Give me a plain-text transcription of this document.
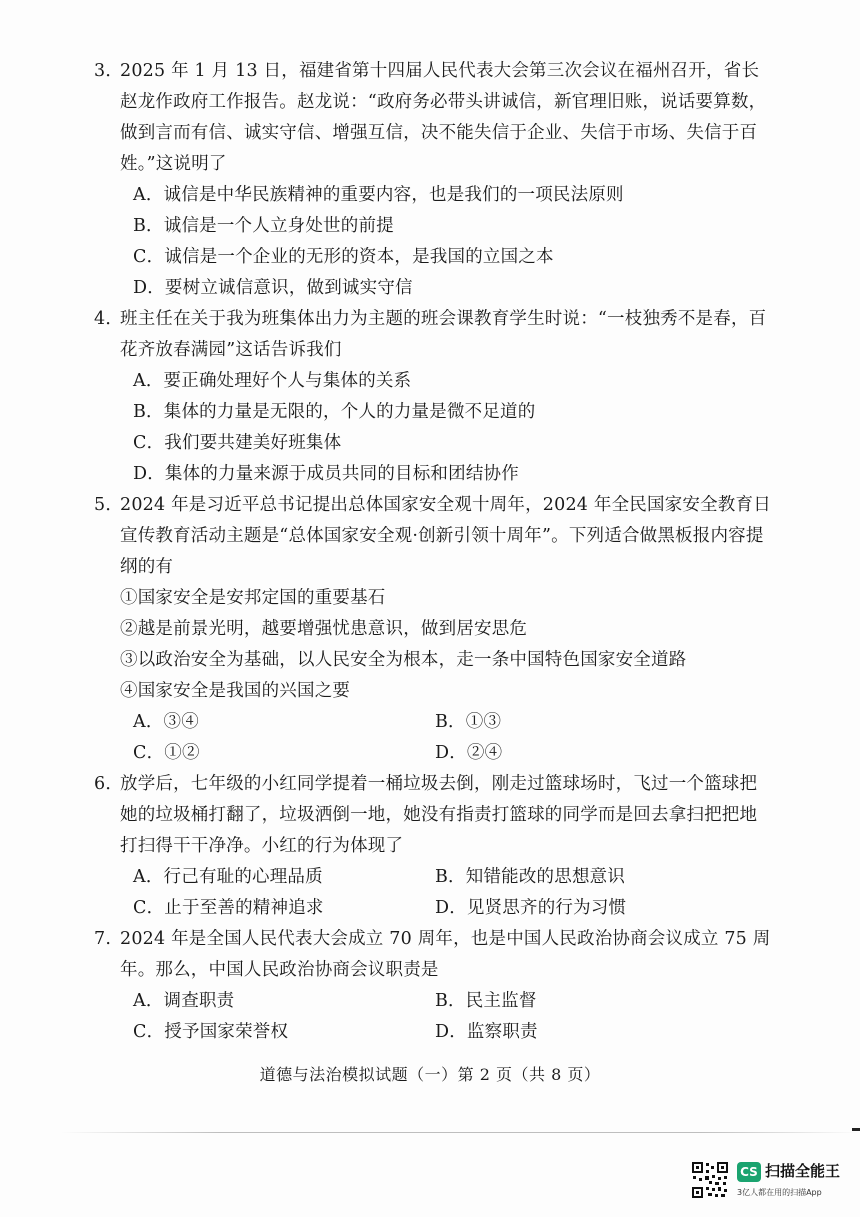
3．2025 年 1 月 13 日，福建省第十四届人民代表大会第三次会议在福州召开，省长赵龙作政府工作报告。赵龙说：“政府务必带头讲诚信，新官理旧账，说话要算数，做到言而有信、诚实守信、增强互信，决不能失信于企业、失信于市场、失信于百姓。”这说明了
A．诚信是中华民族精神的重要内容，也是我们的一项民法原则
B．诚信是一个人立身处世的前提
C．诚信是一个企业的无形的资本，是我国的立国之本
D．要树立诚信意识，做到诚实守信
4．班主任在关于我为班集体出力为主题的班会课教育学生时说：“一枝独秀不是春，百花齐放春满园”这话告诉我们
A．要正确处理好个人与集体的关系
B．集体的力量是无限的，个人的力量是微不足道的
C．我们要共建美好班集体
D．集体的力量来源于成员共同的目标和团结协作
5．2024 年是习近平总书记提出总体国家安全观十周年，2024 年全民国家安全教育日宣传教育活动主题是“总体国家安全观·创新引领十周年”。下列适合做黑板报内容提纲的有
①国家安全是安邦定国的重要基石
②越是前景光明，越要增强忧患意识，做到居安思危
③以政治安全为基础，以人民安全为根本，走一条中国特色国家安全道路
④国家安全是我国的兴国之要
A．③④	B．①③
C．①②	D．②④
6．放学后，七年级的小红同学提着一桶垃圾去倒，刚走过篮球场时，飞过一个篮球把她的垃圾桶打翻了，垃圾洒倒一地，她没有指责打篮球的同学而是回去拿扫把把地打扫得干干净净。小红的行为体现了
A．行己有耻的心理品质	B．知错能改的思想意识
C．止于至善的精神追求	D．见贤思齐的行为习惯
7. 2024 年是全国人民代表大会成立 70 周年，也是中国人民政治协商会议成立 75 周年。那么，中国人民政治协商会议职责是
A．调查职责	B．民主监督
C．授予国家荣誉权	D．监察职责
道德与法治模拟试题（一）第 2 页（共 8 页）
CS 扫描全能王
3亿人都在用的扫描App
